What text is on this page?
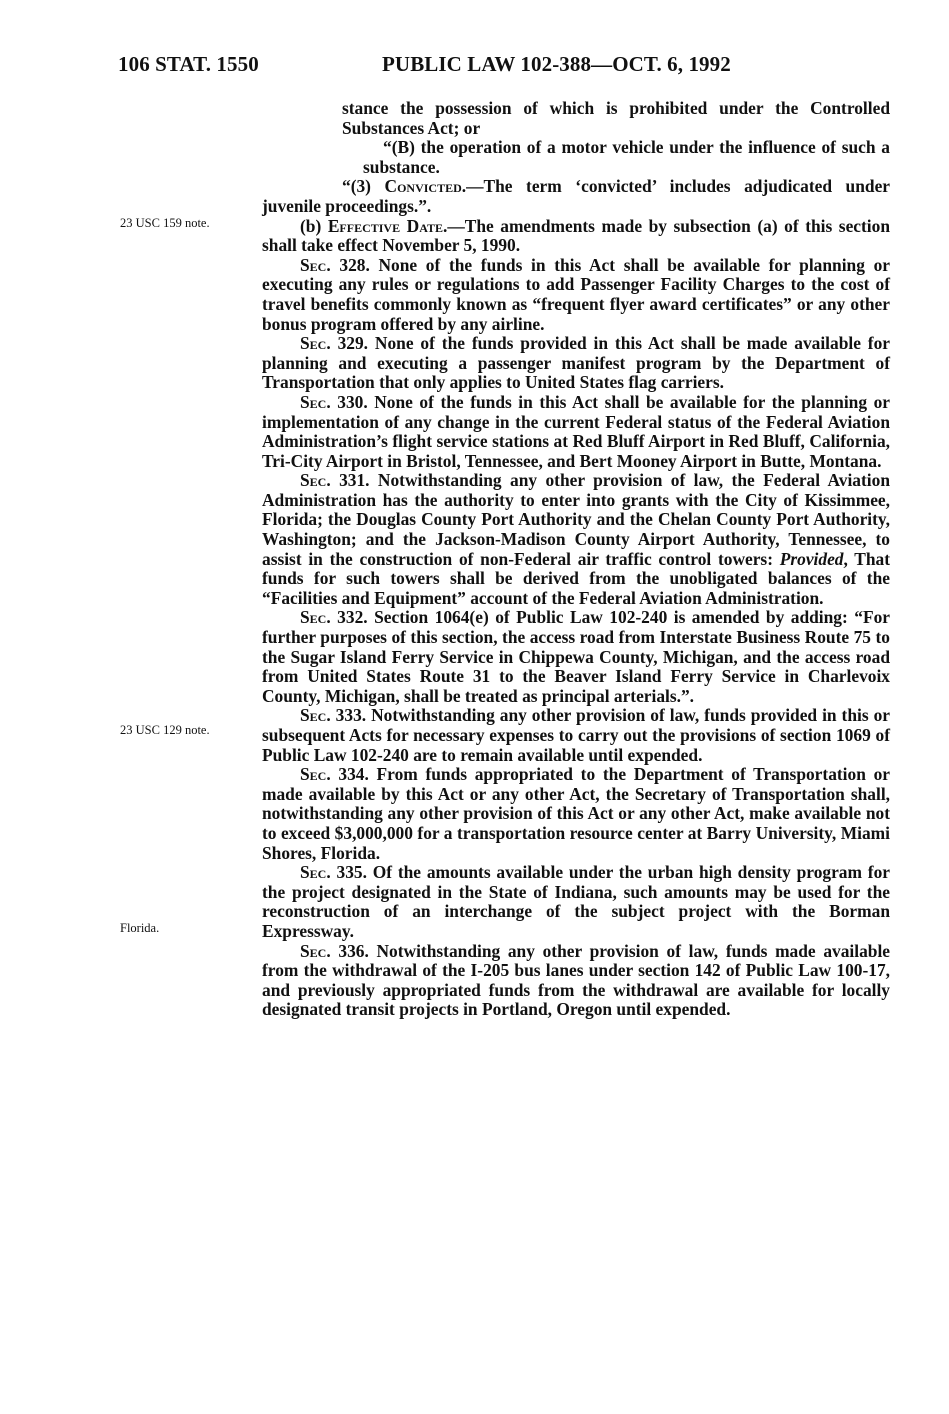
106 STAT. 1550	PUBLIC LAW 102-388—OCT. 6, 1992
23 USC 159 note.
23 USC 129 note.
Florida.

stance the possession of which is prohibited under the Controlled Substances Act; or

“(B) the operation of a motor vehicle under the influence of such a substance.

“(3) Convicted.—The term ‘convicted’ includes adjudicated under juvenile proceedings.”.

(b) Effective Date.—The amendments made by subsection (a) of this section shall take effect November 5, 1990.

Sec. 328. None of the funds in this Act shall be available for planning or executing any rules or regulations to add Passenger Facility Charges to the cost of travel benefits commonly known as “frequent flyer award certificates” or any other bonus program offered by any airline.

Sec. 329. None of the funds provided in this Act shall be made available for planning and executing a passenger manifest program by the Department of Transportation that only applies to United States flag carriers.

Sec. 330. None of the funds in this Act shall be available for the planning or implementation of any change in the current Federal status of the Federal Aviation Administration’s flight service stations at Red Bluff Airport in Red Bluff, California, Tri-City Airport in Bristol, Tennessee, and Bert Mooney Airport in Butte, Montana.

Sec. 331. Notwithstanding any other provision of law, the Federal Aviation Administration has the authority to enter into grants with the City of Kissimmee, Florida; the Douglas County Port Authority and the Chelan County Port Authority, Washington; and the Jackson-Madison County Airport Authority, Tennessee, to assist in the construction of non-Federal air traffic control towers: Provided, That funds for such towers shall be derived from the unobligated balances of the “Facilities and Equipment” account of the Federal Aviation Administration.

Sec. 332. Section 1064(e) of Public Law 102-240 is amended by adding: “For further purposes of this section, the access road from Interstate Business Route 75 to the Sugar Island Ferry Service in Chippewa County, Michigan, and the access road from United States Route 31 to the Beaver Island Ferry Service in Charlevoix County, Michigan, shall be treated as principal arterials.”.

Sec. 333. Notwithstanding any other provision of law, funds provided in this or subsequent Acts for necessary expenses to carry out the provisions of section 1069 of Public Law 102-240 are to remain available until expended.

Sec. 334. From funds appropriated to the Department of Transportation or made available by this Act or any other Act, the Secretary of Transportation shall, notwithstanding any other provision of this Act or any other Act, make available not to exceed $3,000,000 for a transportation resource center at Barry University, Miami Shores, Florida.

Sec. 335. Of the amounts available under the urban high density program for the project designated in the State of Indiana, such amounts may be used for the reconstruction of an interchange of the subject project with the Borman Expressway.

Sec. 336. Notwithstanding any other provision of law, funds made available from the withdrawal of the I-205 bus lanes under section 142 of Public Law 100-17, and previously appropriated funds from the withdrawal are available for locally designated transit projects in Portland, Oregon until expended.
